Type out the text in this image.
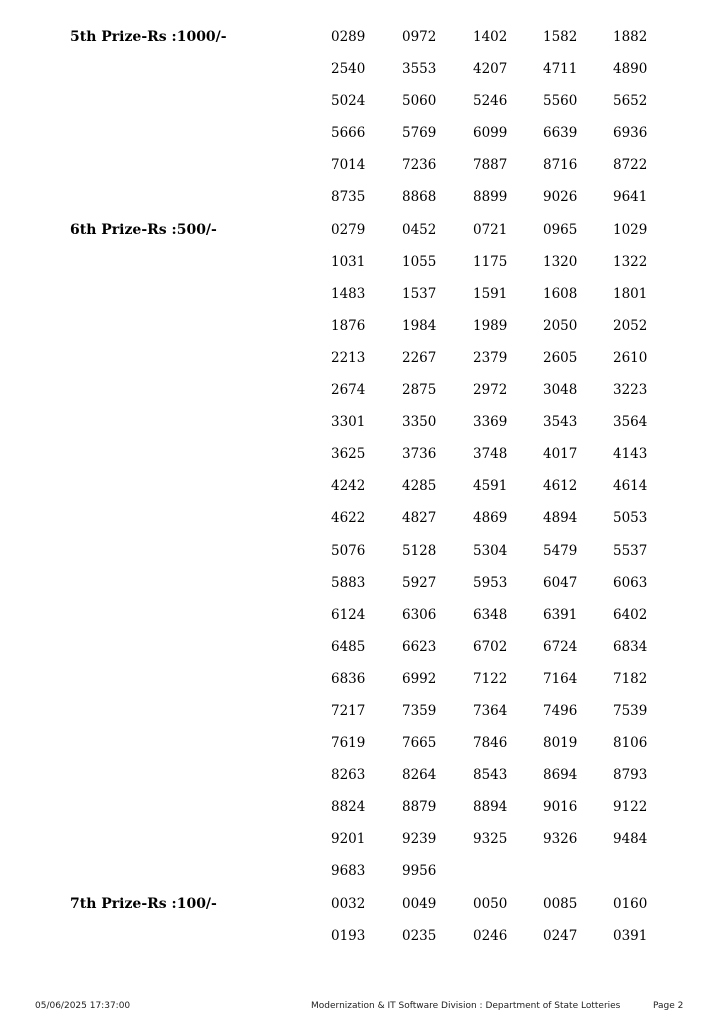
5th Prize-Rs :1000/-	0289	0972	1402	1582	1882
2540	3553	4207	4711	4890
5024	5060	5246	5560	5652
5666	5769	6099	6639	6936
7014	7236	7887	8716	8722
8735	8868	8899	9026	9641
6th Prize-Rs :500/-	0279	0452	0721	0965	1029
1031	1055	1175	1320	1322
1483	1537	1591	1608	1801
1876	1984	1989	2050	2052
2213	2267	2379	2605	2610
2674	2875	2972	3048	3223
3301	3350	3369	3543	3564
3625	3736	3748	4017	4143
4242	4285	4591	4612	4614
4622	4827	4869	4894	5053
5076	5128	5304	5479	5537
5883	5927	5953	6047	6063
6124	6306	6348	6391	6402
6485	6623	6702	6724	6834
6836	6992	7122	7164	7182
7217	7359	7364	7496	7539
7619	7665	7846	8019	8106
8263	8264	8543	8694	8793
8824	8879	8894	9016	9122
9201	9239	9325	9326	9484
9683	9956
7th Prize-Rs :100/-	0032	0049	0050	0085	0160
0193	0235	0246	0247	0391
05/06/2025 17:37:00	Modernization & IT Software Division : Department of State Lotteries	Page 2
